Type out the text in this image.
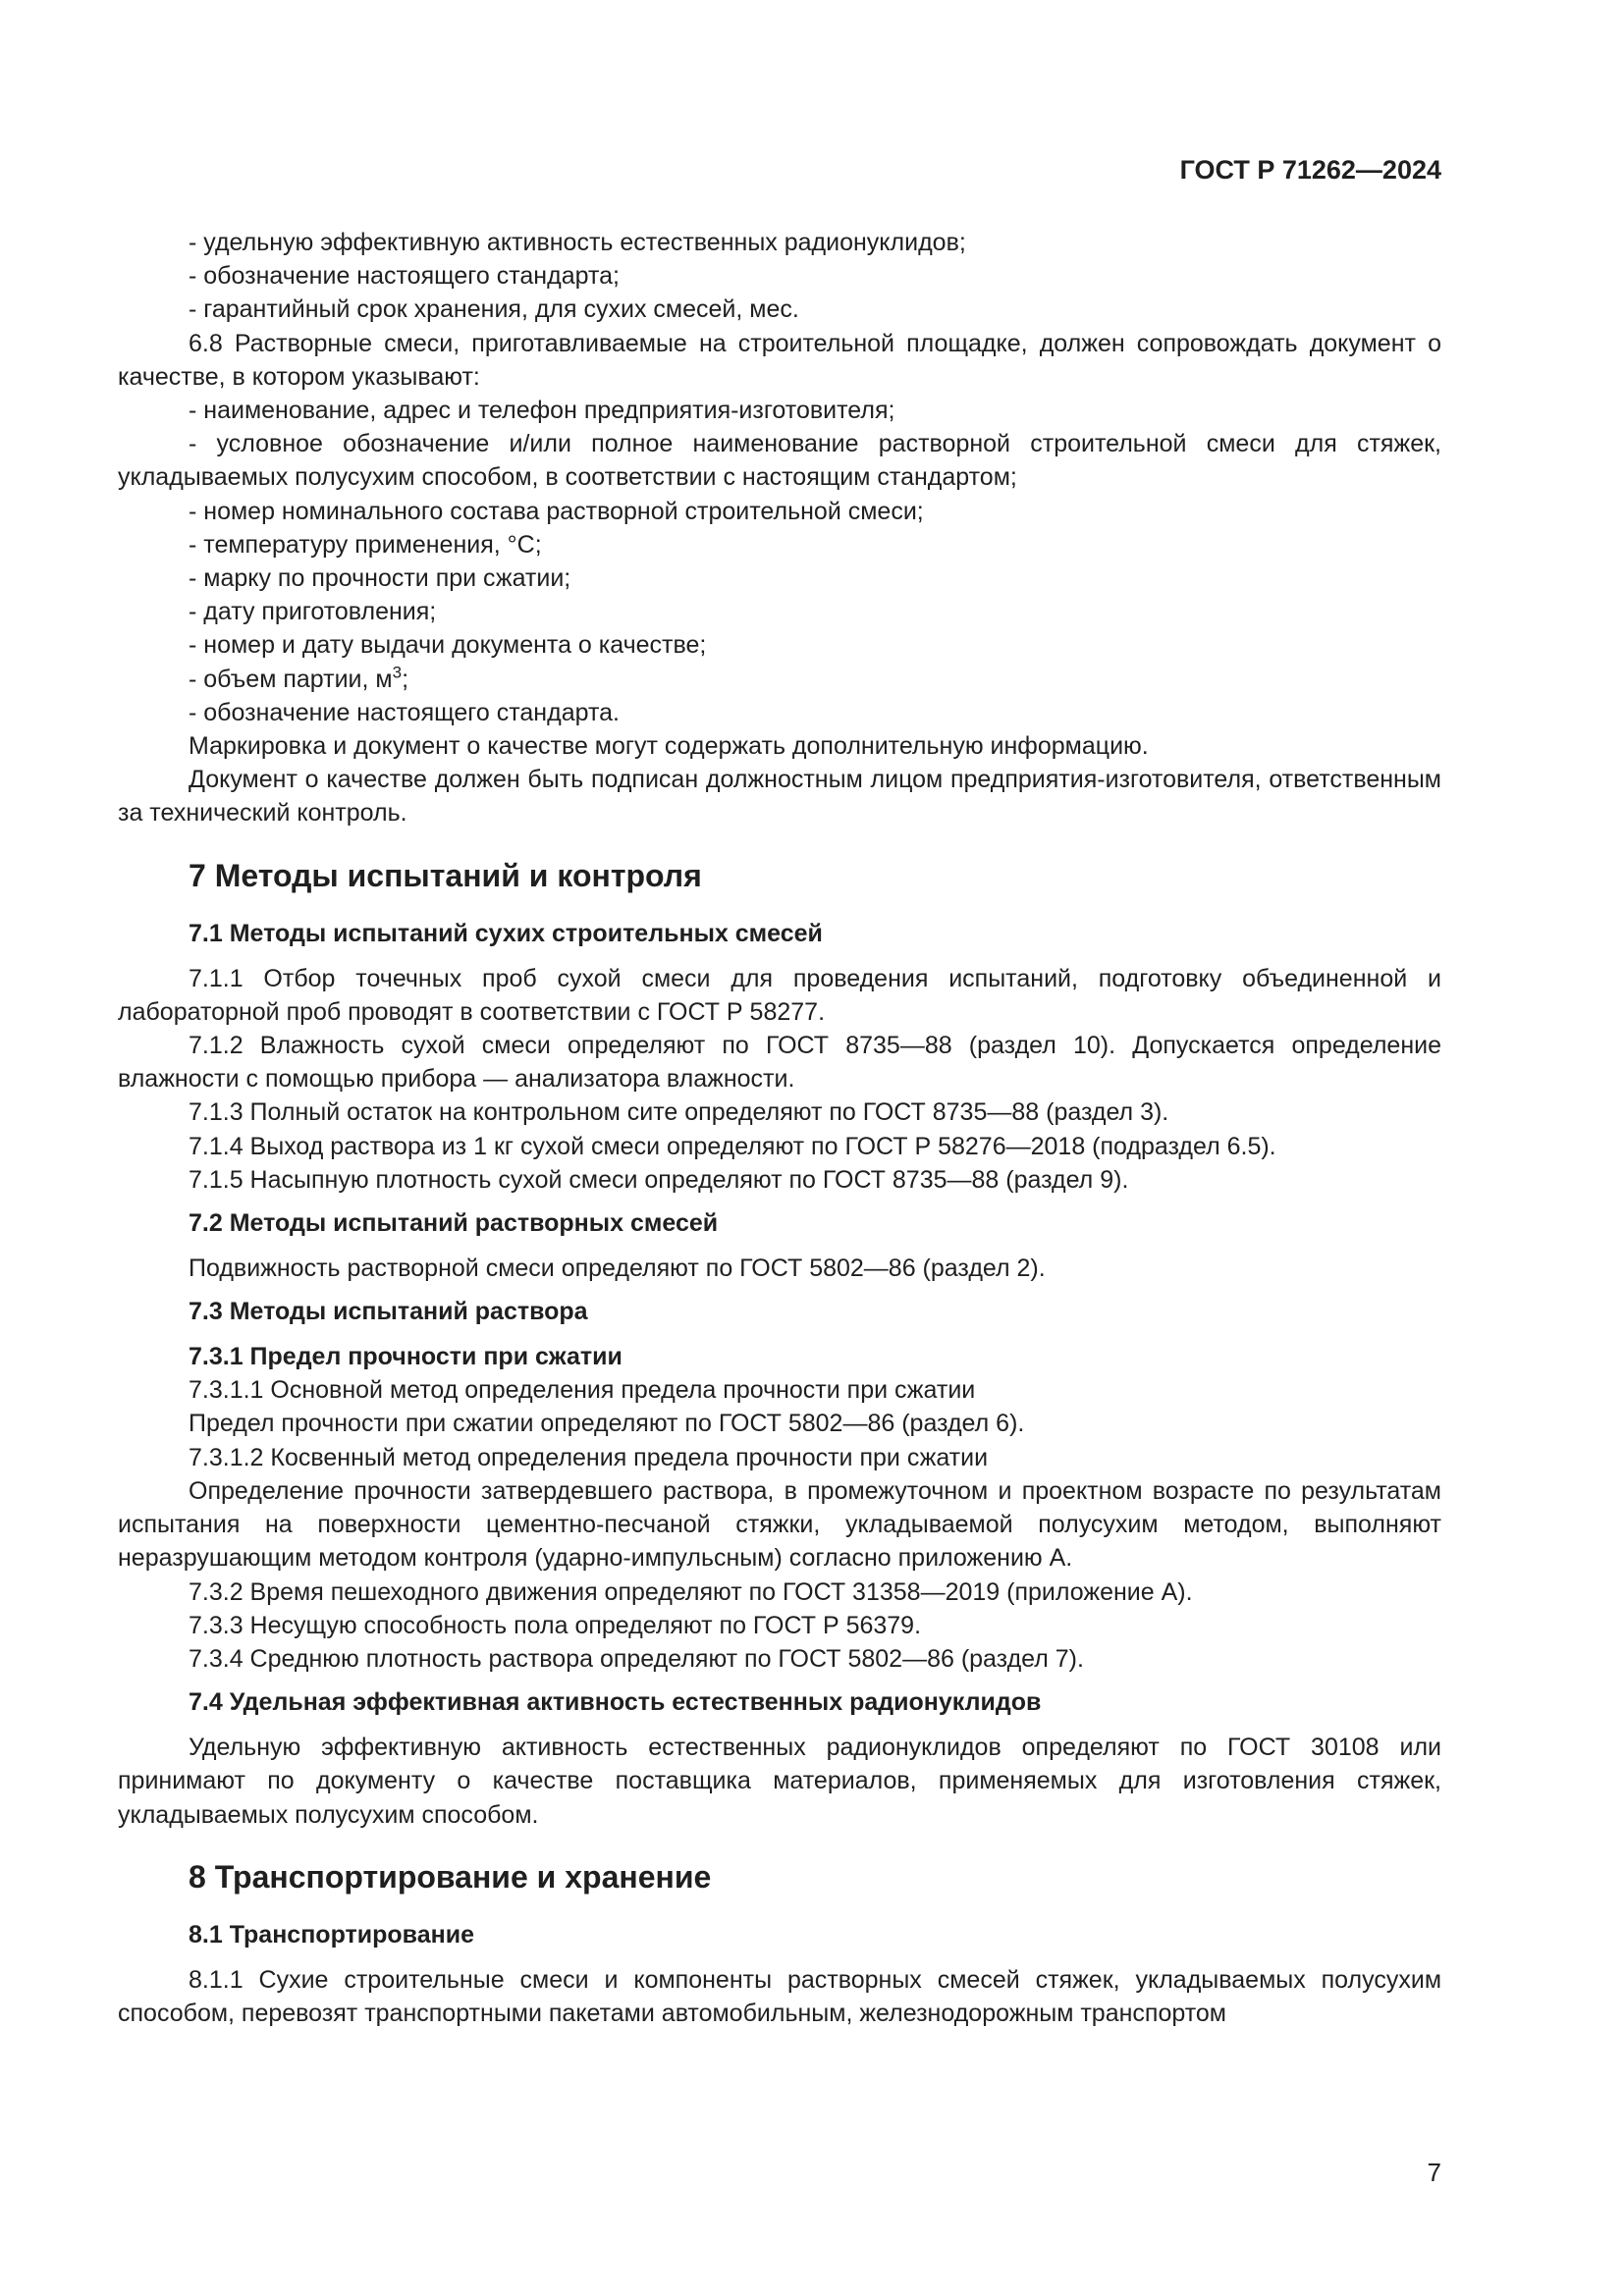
ГОСТ Р 71262—2024

- удельную эффективную активность естественных радионуклидов;

- обозначение настоящего стандарта;

- гарантийный срок хранения, для сухих смесей, мес.

6.8 Растворные смеси, приготавливаемые на строительной площадке, должен сопровождать документ о качестве, в котором указывают:

- наименование, адрес и телефон предприятия-изготовителя;

- условное обозначение и/или полное наименование растворной строительной смеси для стяжек, укладываемых полусухим способом, в соответствии с настоящим стандартом;

- номер номинального состава растворной строительной смеси;

- температуру применения, °С;

- марку по прочности при сжатии;

- дату приготовления;

- номер и дату выдачи документа о качестве;

- объем партии, $м^3$;

- обозначение настоящего стандарта.

Маркировка и документ о качестве могут содержать дополнительную информацию.

Документ о качестве должен быть подписан должностным лицом предприятия-изготовителя, ответственным за технический контроль.

7 Методы испытаний и контроля
7.1 Методы испытаний сухих строительных смесей

7.1.1 Отбор точечных проб сухой смеси для проведения испытаний, подготовку объединенной и лабораторной проб проводят в соответствии с ГОСТ Р 58277.

7.1.2 Влажность сухой смеси определяют по ГОСТ 8735—88 (раздел 10). Допускается определение влажности с помощью прибора — анализатора влажности.

7.1.3 Полный остаток на контрольном сите определяют по ГОСТ 8735—88 (раздел 3).

7.1.4 Выход раствора из 1 кг сухой смеси определяют по ГОСТ Р 58276—2018 (подраздел 6.5).

7.1.5 Насыпную плотность сухой смеси определяют по ГОСТ 8735—88 (раздел 9).

7.2 Методы испытаний растворных смесей

Подвижность растворной смеси определяют по ГОСТ 5802—86 (раздел 2).

7.3 Методы испытаний раствора
7.3.1 Предел прочности при сжатии

7.3.1.1 Основной метод определения предела прочности при сжатии

Предел прочности при сжатии определяют по ГОСТ 5802—86 (раздел 6).

7.3.1.2 Косвенный метод определения предела прочности при сжатии

Определение прочности затвердевшего раствора, в промежуточном и проектном возрасте по результатам испытания на поверхности цементно-песчаной стяжки, укладываемой полусухим методом, выполняют неразрушающим методом контроля (ударно-импульсным) согласно приложению А.

7.3.2 Время пешеходного движения определяют по ГОСТ 31358—2019 (приложение А).

7.3.3 Несущую способность пола определяют по ГОСТ Р 56379.

7.3.4 Среднюю плотность раствора определяют по ГОСТ 5802—86 (раздел 7).

7.4 Удельная эффективная активность естественных радионуклидов

Удельную эффективную активность естественных радионуклидов определяют по ГОСТ 30108 или принимают по документу о качестве поставщика материалов, применяемых для изготовления стяжек, укладываемых полусухим способом.

8 Транспортирование и хранение
8.1 Транспортирование

8.1.1 Сухие строительные смеси и компоненты растворных смесей стяжек, укладываемых полусухим способом, перевозят транспортными пакетами автомобильным, железнодорожным транспортом

7
